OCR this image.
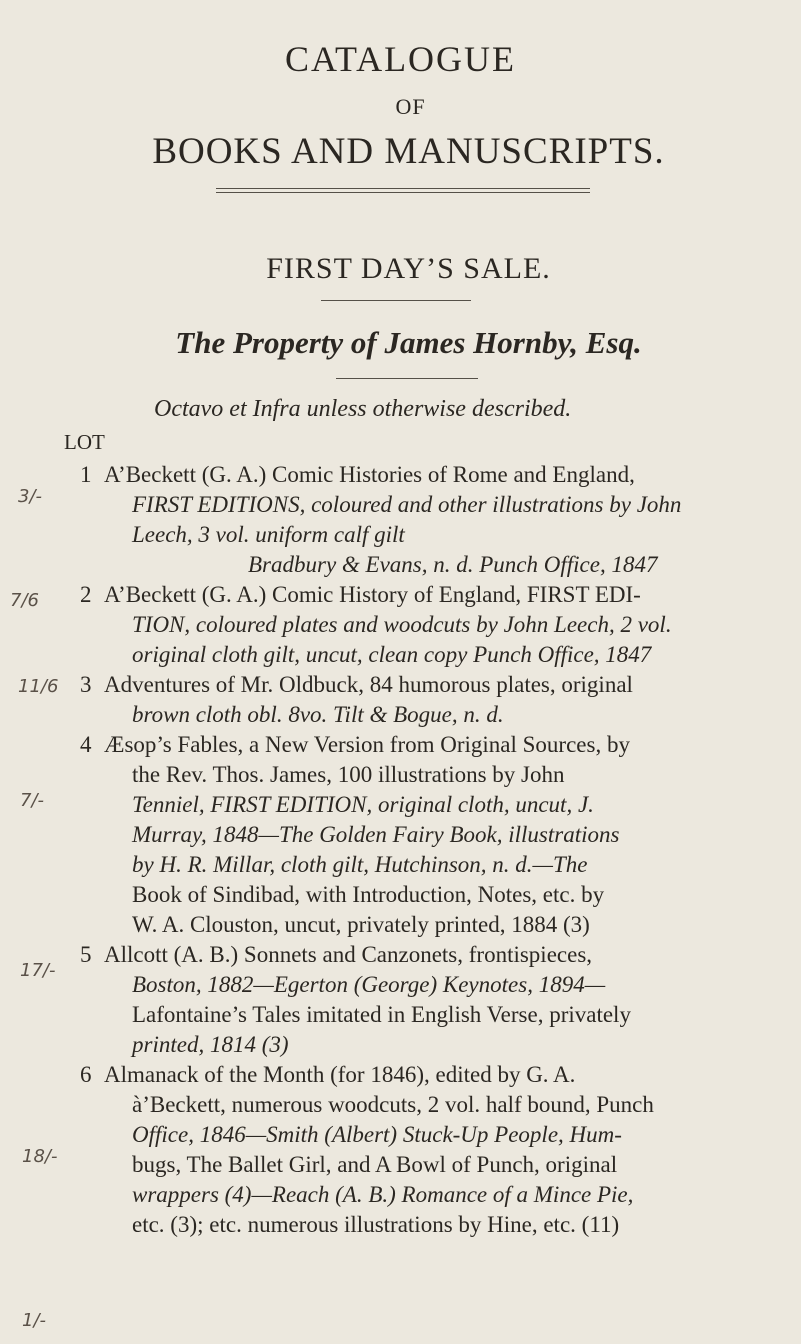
CATALOGUE
OF
BOOKS AND MANUSCRIPTS.
FIRST DAY’S SALE.
The Property of James Hornby, Esq.
Octavo et Infra unless otherwise described.
LOT
1 A’Beckett (G. A.) Comic Histories of Rome and England,
FIRST EDITIONS, coloured and other illustrations by John
Leech, 3 vol. uniform calf gilt
Bradbury & Evans, n. d. Punch Office, 1847
2 A’Beckett (G. A.) Comic History of England, FIRST EDI-
TION, coloured plates and woodcuts by John Leech, 2 vol.
original cloth gilt, uncut, clean copy Punch Office, 1847
3 Adventures of Mr. Oldbuck, 84 humorous plates, original
brown cloth obl. 8vo. Tilt & Bogue, n. d.
4 Æsop’s Fables, a New Version from Original Sources, by
the Rev. Thos. James, 100 illustrations by John
Tenniel, FIRST EDITION, original cloth, uncut, J.
Murray, 1848—The Golden Fairy Book, illustrations
by H. R. Millar, cloth gilt, Hutchinson, n. d.—The
Book of Sindibad, with Introduction, Notes, etc. by
W. A. Clouston, uncut, privately printed, 1884 (3)
5 Allcott (A. B.) Sonnets and Canzonets, frontispieces,
Boston, 1882—Egerton (George) Keynotes, 1894—
Lafontaine’s Tales imitated in English Verse, privately
printed, 1814 (3)
6 Almanack of the Month (for 1846), edited by G. A.
à’Beckett, numerous woodcuts, 2 vol. half bound, Punch
Office, 1846—Smith (Albert) Stuck-Up People, Hum-
bugs, The Ballet Girl, and A Bowl of Punch, original
wrappers (4)—Reach (A. B.) Romance of a Mince Pie,
etc. (3); etc. numerous illustrations by Hine, etc. (11)
3/-
7/6
11/6
7/-
17/-
18/-
1/-
